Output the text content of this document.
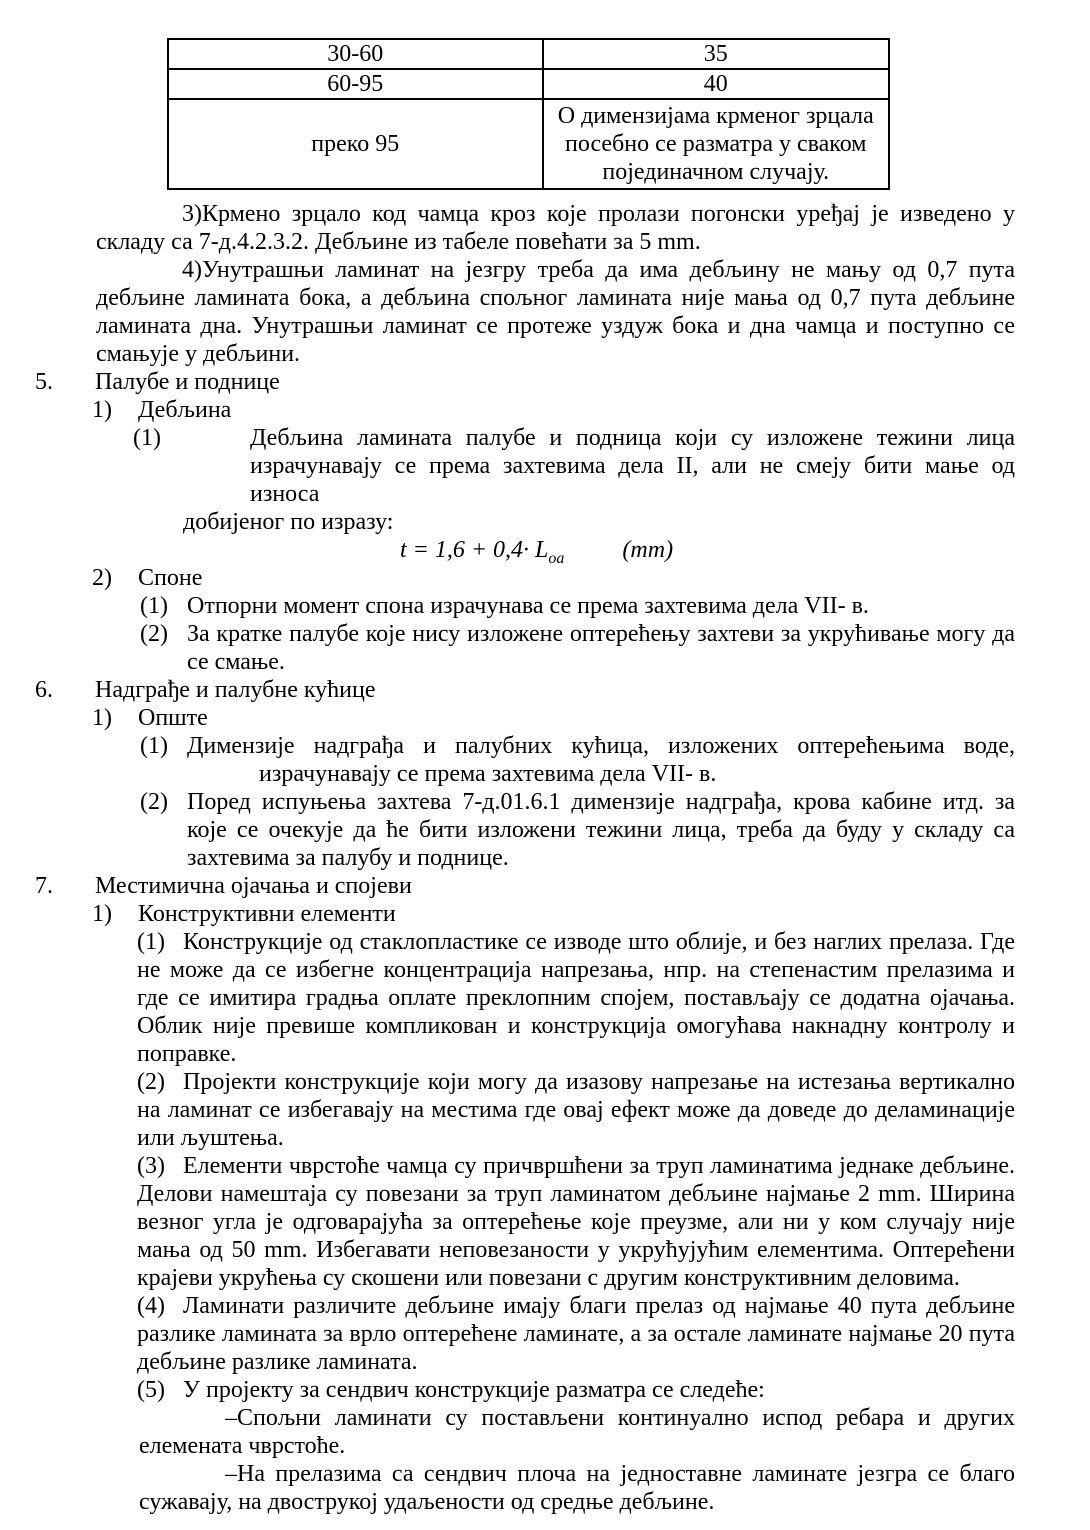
30-60	35
60-95	40
преко 95	О димензијама крменог зрцала посебно се разматра у сваком појединачном случају.

3)Крмено зрцало код чамца кроз које пролази погонски уређај је изведено у складу са 7-д.4.2.3.2. Дебљине из табеле повећати за 5 mm.

4)Унутрашњи ламинат на језгру треба да има дебљину не мању од 0,7 пута дебљине ламината бока, а дебљина спољног ламината није мања од 0,7 пута дебљине ламината дна. Унутрашњи ламинат се протеже уздуж бока и дна чамца и поступно се смањује у дебљини.

5. Палубе и поднице
1) Дебљина
(1)	Дебљина ламината палубе и подница који су изложене тежини лица
израчунавају се према захтевима дела II, али не смеју бити мање од износа
добијеног по изразу:
$t = 1,6 + 0,4\cdot L_{oa}$ (mm)
2) Споне

(1) Отпорни момент спона израчунава се према захтевима дела VII- в.

(2) За кратке палубе које нису изложене оптерећењу захтеви за укрућивање могу да се смање.

6. Надграђе и палубне кућице
1) Опште

(1) Димензије надграђа и палубних кућица, изложених оптерећењима воде,
израчунавају се према захтевима дела VII- в.

(2) Поред испуњења захтева 7-д.01.6.1 димензије надграђа, крова кабине итд. за које се очекује да ће бити изложени тежини лица, треба да буду у складу са захтевима за палубу и поднице.

7. Местимична ојачања и спојеви
1) Конструктивни елементи

(1) Конструкције од стаклопластике се изводе што облије, и без наглих прелаза. Где не може да се избегне концентрација напрезања, нпр. на степенастим прелазима и где се имитира градња оплате преклопним спојем, постављају се додатна ојачања. Облик није превише компликован и конструкција омогућава накнадну контролу и поправке.

(2) Пројекти конструкције који могу да изазову напрезање на истезања вертикално на ламинат се избегавају на местима где овај ефект може да доведе до деламинације или љуштења.

(3) Елементи чврстоће чамца су причвршћени за труп ламинатима једнаке дебљине. Делови намештаја су повезани за труп ламинатом дебљине најмање 2 mm. Ширина везног угла је одговарајућа за оптерећење које преузме, али ни у ком случају није мања од 50 mm. Избегавати неповезаности у укрућујућим елементима. Оптерећени крајеви укрућења су скошени или повезани с другим конструктивним деловима.

(4) Ламинати различите дебљине имају благи прелаз од најмање 40 пута дебљине разлике ламината за врло оптерећене ламинате, а за остале ламинате најмање 20 пута дебљине разлике ламината.

(5) У пројекту за сендвич конструкције разматра се следеће:

–Спољни ламинати су постављени континуално испод ребара и других елемената чврстоће.

–На прелазима са сендвич плоча на једноставне ламинате језгра се благо сужавају, на двострукој удаљености од средње дебљине.
